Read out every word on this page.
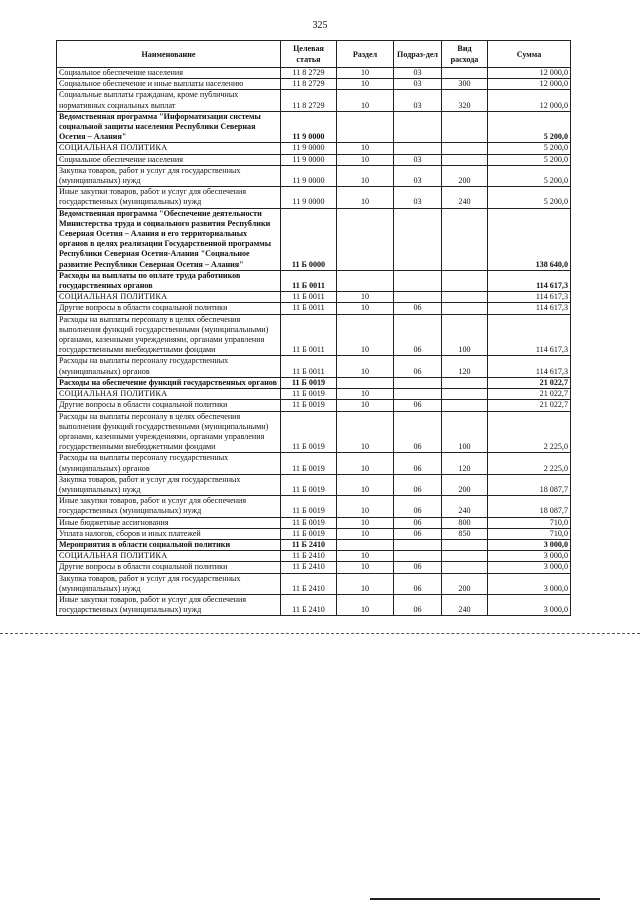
325
Наименование	Целевая статья	Раздел	Подраз-дел	Вид расхода	Сумма
Социальное обеспечение населения	11 8 2729	10	03		12 000,0
Социальное обеспечение и иные выплаты населению	11 8 2729	10	03	300	12 000,0
Социальные выплаты гражданам, кроме публичных нормативных социальных выплат	11 8 2729	10	03	320	12 000,0
Ведомственная программа "Информатизация системы социальной защиты населения Республики Северная Осетия – Алания"	11 9 0000				5 200,0
СОЦИАЛЬНАЯ ПОЛИТИКА	11 9 0000	10			5 200,0
Социальное обеспечение населения	11 9 0000	10	03		5 200,0
Закупка товаров, работ и услуг для государственных (муниципальных) нужд	11 9 0000	10	03	200	5 200,0
Иные закупки товаров, работ и услуг для обеспечения государственных (муниципальных) нужд	11 9 0000	10	03	240	5 200,0
Ведомственная программа "Обеспечение деятельности Министерства труда и социального развития Республики Северная Осетия – Алания и его территориальных органов в целях реализации Государственной программы Республики Северная Осетия-Алания "Социальное развитие Республики Северная Осетия – Алания"	11 Б 0000				138 640,0
Расходы на выплаты по оплате труда работников государственных органов	11 Б 0011				114 617,3
СОЦИАЛЬНАЯ ПОЛИТИКА	11 Б 0011	10			114 617,3
Другие вопросы в области социальной политики	11 Б 0011	10	06		114 617,3
Расходы на выплаты персоналу в целях обеспечения выполнения функций государственными (муниципальными) органами, казенными учреждениями, органами управления государственными внебюджетными фондами	11 Б 0011	10	06	100	114 617,3
Расходы на выплаты персоналу государственных (муниципальных) органов	11 Б 0011	10	06	120	114 617,3
Расходы на обеспечение функций государственных органов	11 Б 0019				21 022,7
СОЦИАЛЬНАЯ ПОЛИТИКА	11 Б 0019	10			21 022,7
Другие вопросы в области социальной политики	11 Б 0019	10	06		21 022,7
Расходы на выплаты персоналу в целях обеспечения выполнения функций государственными (муниципальными) органами, казенными учреждениями, органами управления государственными внебюджетными фондами	11 Б 0019	10	06	100	2 225,0
Расходы на выплаты персоналу государственных (муниципальных) органов	11 Б 0019	10	06	120	2 225,0
Закупка товаров, работ и услуг для государственных (муниципальных) нужд	11 Б 0019	10	06	200	18 087,7
Иные закупки товаров, работ и услуг для обеспечения государственных (муниципальных) нужд	11 Б 0019	10	06	240	18 087,7
Иные бюджетные ассигнования	11 Б 0019	10	06	800	710,0
Уплата налогов, сборов и иных платежей	11 Б 0019	10	06	850	710,0
Мероприятия в области социальной политики	11 Б 2410				3 000,0
СОЦИАЛЬНАЯ ПОЛИТИКА	11 Б 2410	10			3 000,0
Другие вопросы в области социальной политики	11 Б 2410	10	06		3 000,0
Закупка товаров, работ и услуг для государственных (муниципальных) нужд	11 Б 2410	10	06	200	3 000,0
Иные закупки товаров, работ и услуг для обеспечения государственных (муниципальных) нужд	11 Б 2410	10	06	240	3 000,0
